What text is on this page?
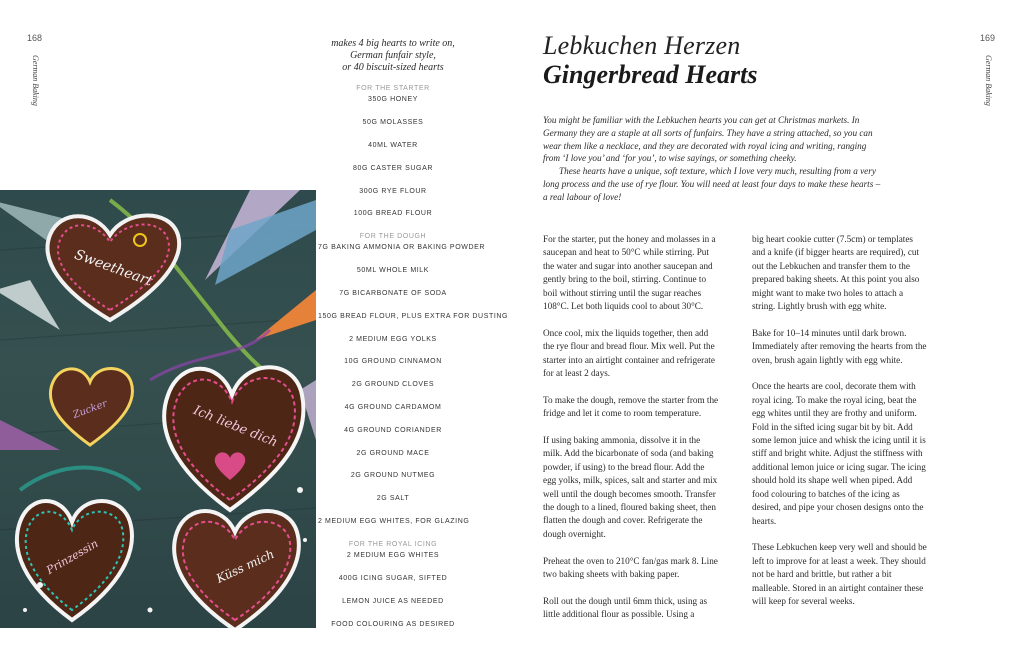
168
German Baking
Sweetheart
Ich liebe dich
Zucker
Prinzessin	Küss mich
makes 4 big hearts to write on,
German funfair style,
or 40 biscuit-sized hearts
FOR THE STARTER
350G HONEY
50G MOLASSES
40ML WATER
80G CASTER SUGAR
300G RYE FLOUR
100G BREAD FLOUR
FOR THE DOUGH
7G BAKING AMMONIA OR BAKING POWDER
50ML WHOLE MILK
7G BICARBONATE OF SODA
150G BREAD FLOUR, PLUS EXTRA FOR DUSTING
2 MEDIUM EGG YOLKS
10G GROUND CINNAMON
2G GROUND CLOVES
4G GROUND CARDAMOM
4G GROUND CORIANDER
2G GROUND MACE
2G GROUND NUTMEG
2G SALT
2 MEDIUM EGG WHITES, FOR GLAZING
FOR THE ROYAL ICING
2 MEDIUM EGG WHITES
400G ICING SUGAR, SIFTED
LEMON JUICE AS NEEDED
FOOD COLOURING AS DESIRED
169
German Baking
Lebkuchen Herzen
Gingerbread Hearts

You might be familiar with the Lebkuchen hearts you can get at Christmas markets. In Germany they are a staple at all sorts of funfairs. They have a string attached, so you can wear them like a necklace, and they are decorated with royal icing and writing, ranging from ‘I love you’ and ‘for you’, to wise sayings, or something cheeky.

These hearts have a unique, soft texture, which I love very much, resulting from a very long process and the use of rye flour. You will need at least four days to make these hearts – a real labour of love!

For the starter, put the honey and molasses in a saucepan and heat to 50°C while stirring. Put the water and sugar into another saucepan and gently bring to the boil, stirring. Continue to boil without stirring until the sugar reaches 108°C. Let both liquids cool to about 30°C.

Once cool, mix the liquids together, then add the rye flour and bread flour. Mix well. Put the starter into an airtight container and refrigerate for at least 2 days.

To make the dough, remove the starter from the fridge and let it come to room temperature.

If using baking ammonia, dissolve it in the milk. Add the bicarbonate of soda (and baking powder, if using) to the bread flour. Add the egg yolks, milk, spices, salt and starter and mix well until the dough becomes smooth. Transfer the dough to a lined, floured baking sheet, then flatten the dough and cover. Refrigerate the dough overnight.

Preheat the oven to 210°C fan/gas mark 8. Line two baking sheets with baking paper.

Roll out the dough until 6mm thick, using as little additional flour as possible. Using a

big heart cookie cutter (7.5cm) or templates and a knife (if bigger hearts are required), cut out the Lebkuchen and transfer them to the prepared baking sheets. At this point you also might want to make two holes to attach a string. Lightly brush with egg white.

Bake for 10–14 minutes until dark brown. Immediately after removing the hearts from the oven, brush again lightly with egg white.

Once the hearts are cool, decorate them with royal icing. To make the royal icing, beat the egg whites until they are frothy and uniform. Fold in the sifted icing sugar bit by bit. Add some lemon juice and whisk the icing until it is stiff and bright white. Adjust the stiffness with additional lemon juice or icing sugar. The icing should hold its shape well when piped. Add food colouring to batches of the icing as desired, and pipe your chosen designs onto the hearts.

These Lebkuchen keep very well and should be left to improve for at least a week. They should not be hard and brittle, but rather a bit malleable. Stored in an airtight container these will keep for several weeks.
